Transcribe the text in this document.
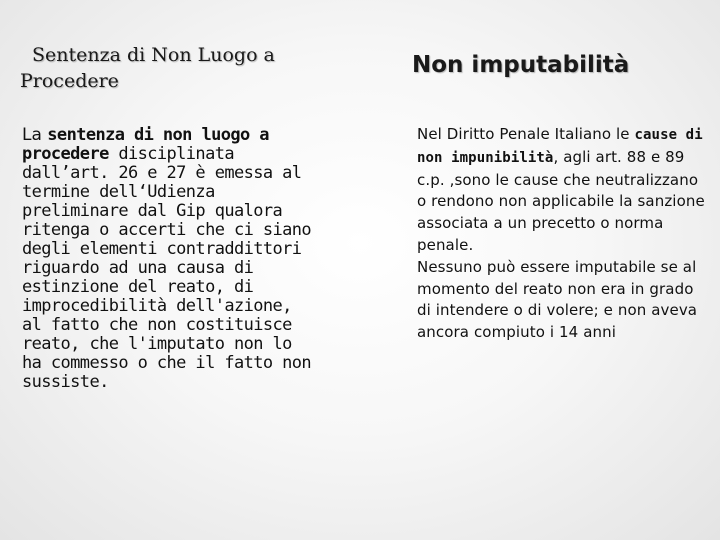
Sentenza di Non Luogo a
Procedere
La sentenza di non luogo a procedere disciplinata dall’art. 26 e 27 è emessa al termine dell‘Udienza preliminare dal Gip qualora ritenga o accerti che ci siano degli elementi contraddittori riguardo ad una causa di estinzione del reato, di improcedibilità dell'azione, al fatto che non costituisce reato, che l'imputato non lo ha commesso o che il fatto non sussiste.
Non imputabilità
Nel Diritto Penale Italiano le cause di non impunibilità, agli art. 88 e 89 c.p. ,sono le cause che neutralizzano o rendono non applicabile la sanzione associata a un precetto o norma penale.
Nessuno può essere imputabile se al momento del reato non era in grado di intendere o di volere; e non aveva ancora compiuto i 14 anni
